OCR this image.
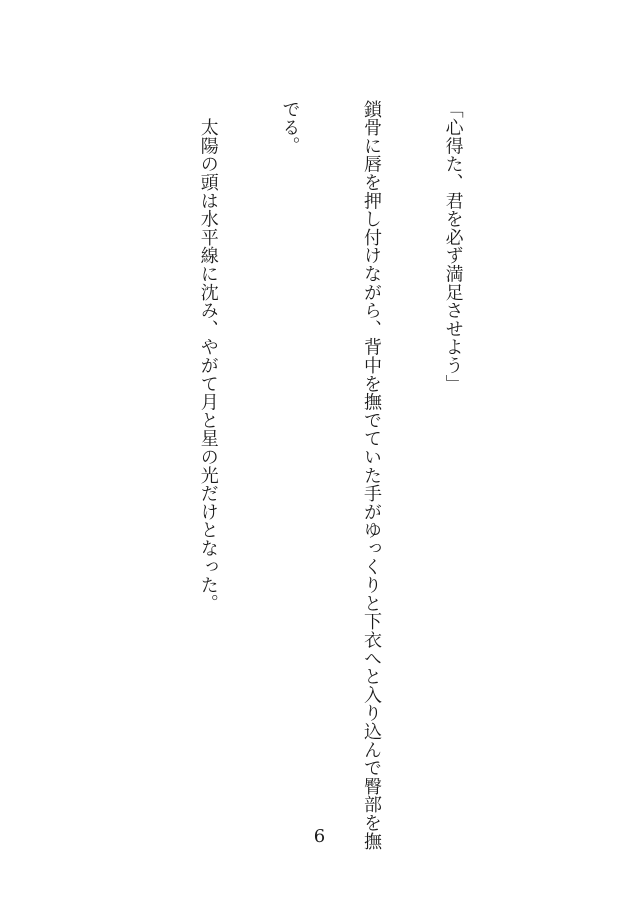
「心得た、君を必ず満足させよう」

鎖骨に唇を押し付けながら、背中を撫でていた手がゆっくりと下衣へと入り込んで臀部を撫

でる。

　太陽の頭は水平線に沈み、やがて月と星の光だけとなった。

6
